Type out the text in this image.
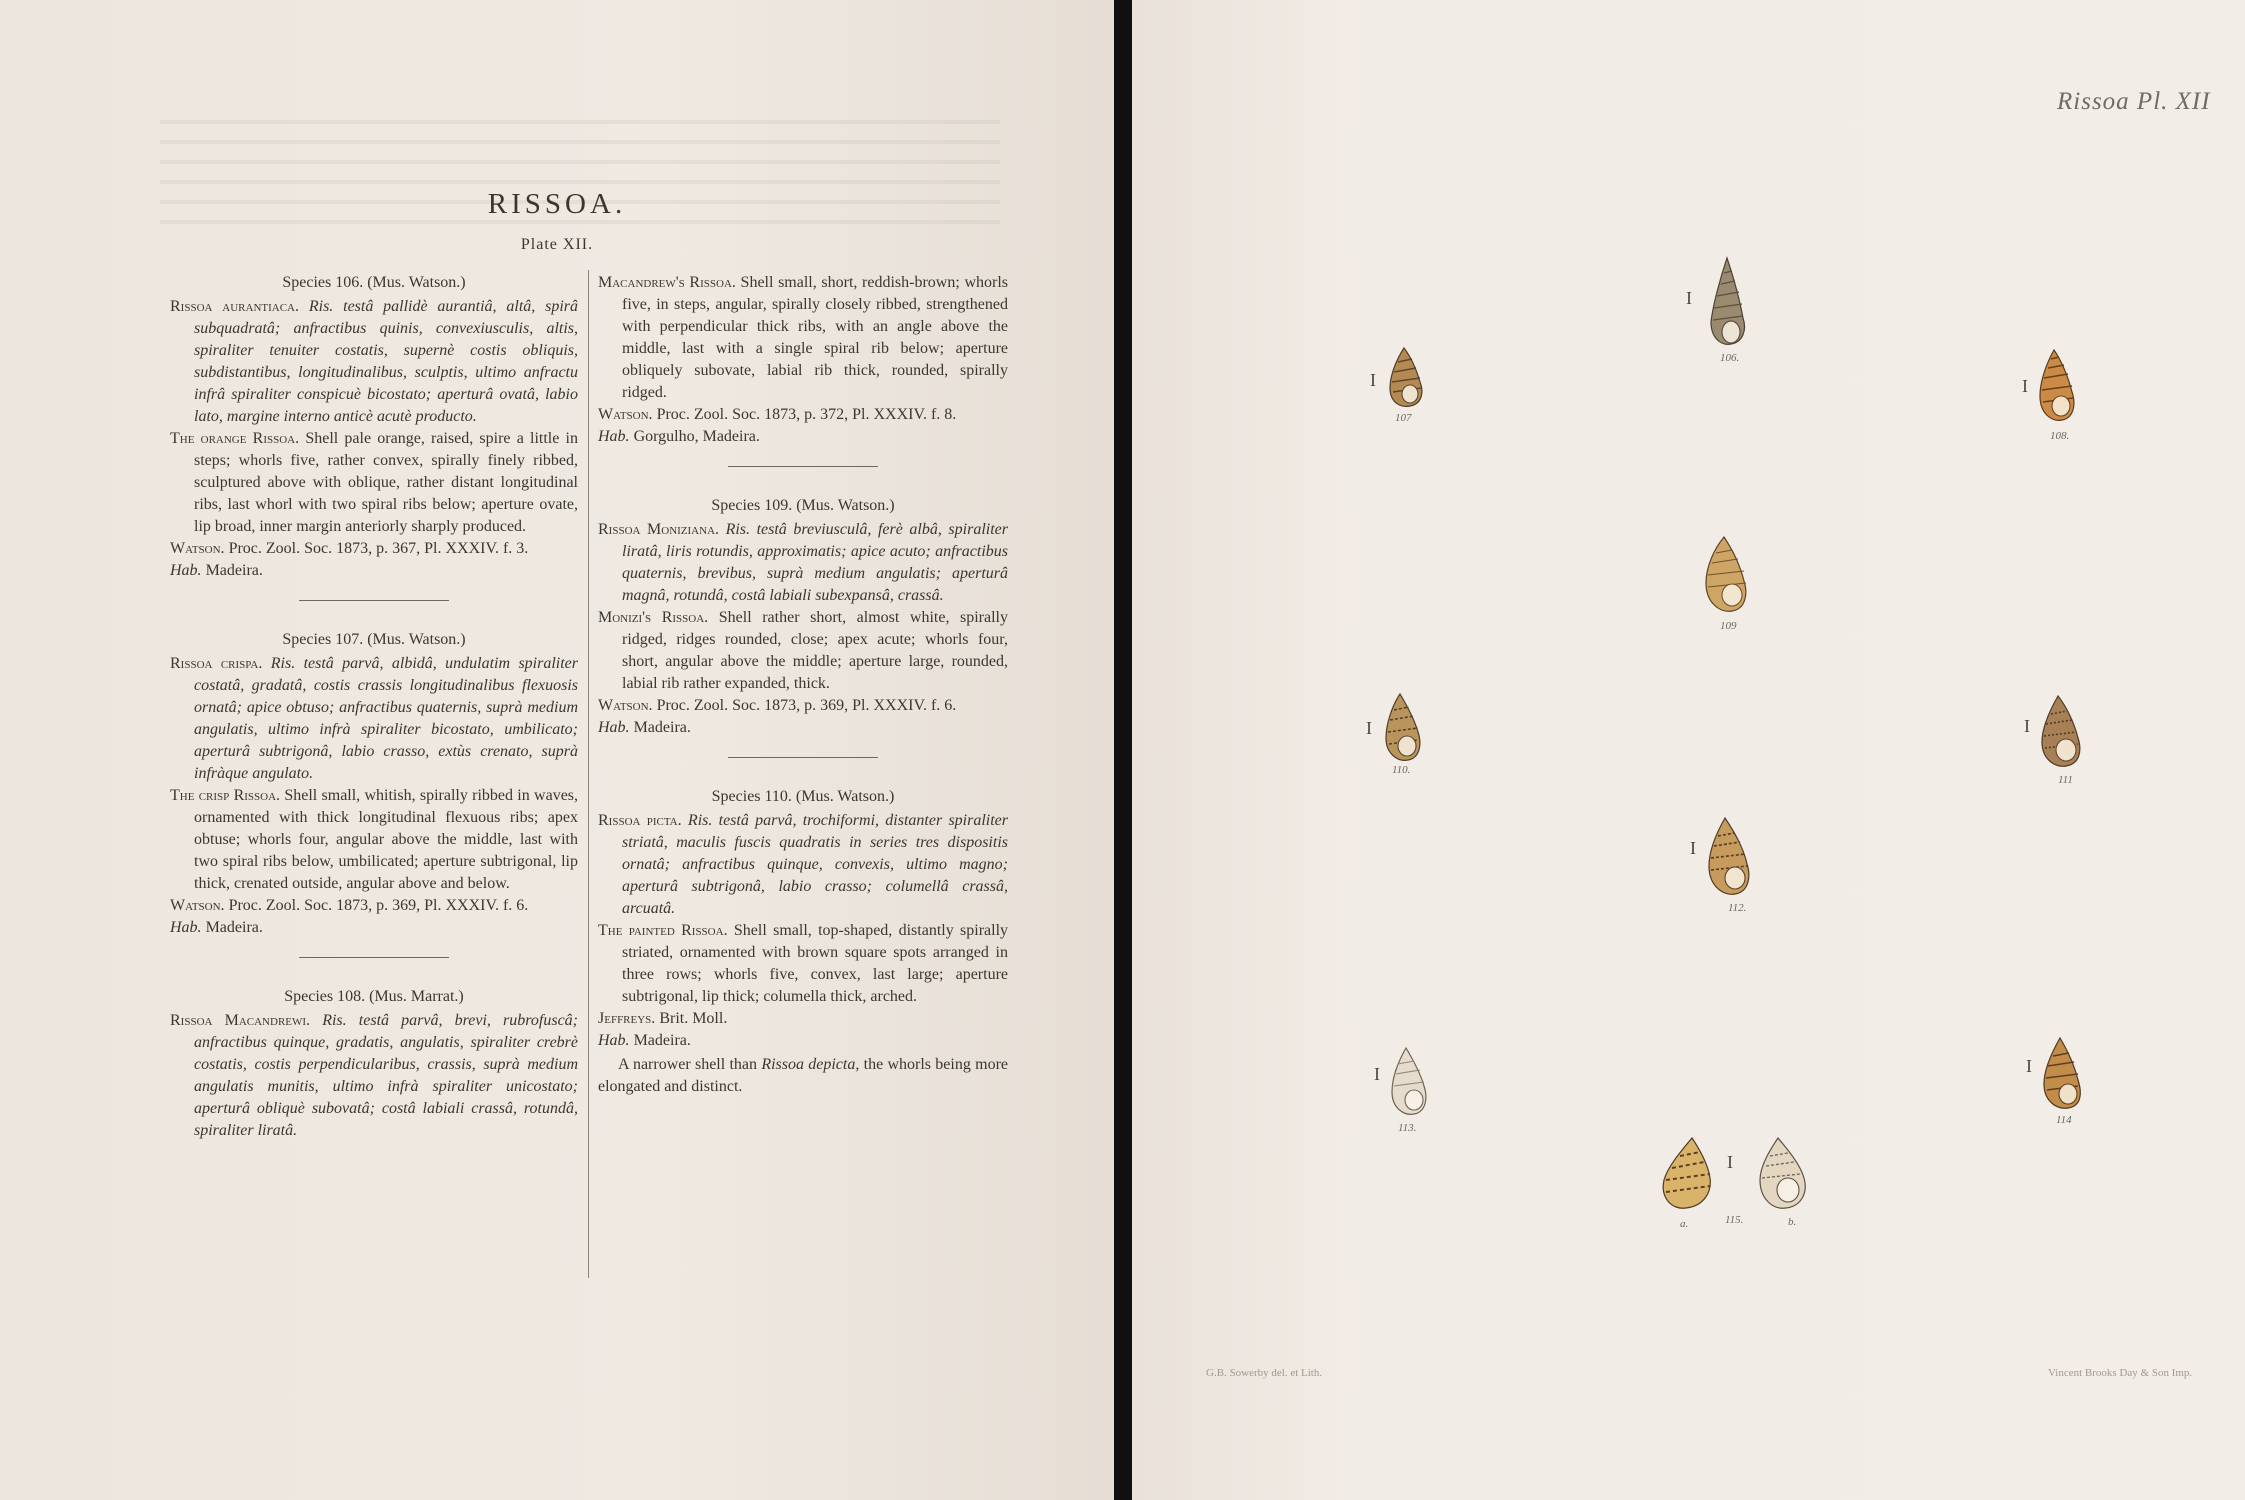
RISSOA.
Plate XII.

Species 106. (Mus. Watson.)

Rissoa aurantiaca. Ris. testâ pallidè aurantiâ, altâ, spirâ subquadratâ; anfractibus quinis, convexiusculis, altis, spiraliter tenuiter costatis, supernè costis obliquis, subdistantibus, longitudinalibus, sculptis, ultimo anfractu infrâ spiraliter conspicuè bicostato; aperturâ ovatâ, labio lato, margine interno anticè acutè producto.

The orange Rissoa. Shell pale orange, raised, spire a little in steps; whorls five, rather convex, spirally finely ribbed, sculptured above with oblique, rather distant longitudinal ribs, last whorl with two spiral ribs below; aperture ovate, lip broad, inner margin anteriorly sharply produced.

Watson. Proc. Zool. Soc. 1873, p. 367, Pl. XXXIV. f. 3.

Hab. Madeira.

Species 107. (Mus. Watson.)

Rissoa crispa. Ris. testâ parvâ, albidâ, undulatim spiraliter costatâ, gradatâ, costis crassis longitudinalibus flexuosis ornatâ; apice obtuso; anfractibus quaternis, suprà medium angulatis, ultimo infrà spiraliter bicostato, umbilicato; aperturâ subtrigonâ, labio crasso, extùs crenato, suprà infràque angulato.

The crisp Rissoa. Shell small, whitish, spirally ribbed in waves, ornamented with thick longitudinal flexuous ribs; apex obtuse; whorls four, angular above the middle, last with two spiral ribs below, umbilicated; aperture subtrigonal, lip thick, crenated outside, angular above and below.

Watson. Proc. Zool. Soc. 1873, p. 369, Pl. XXXIV. f. 6.

Hab. Madeira.

Species 108. (Mus. Marrat.)

Rissoa Macandrewi. Ris. testâ parvâ, brevi, rubrofuscâ; anfractibus quinque, gradatis, angulatis, spiraliter crebrè costatis, costis perpendicularibus, crassis, suprà medium angulatis munitis, ultimo infrà spiraliter unicostato; aperturâ obliquè subovatâ; costâ labiali crassâ, rotundâ, spiraliter liratâ.

Macandrew's Rissoa. Shell small, short, reddish-brown; whorls five, in steps, angular, spirally closely ribbed, strengthened with perpendicular thick ribs, with an angle above the middle, last with a single spiral rib below; aperture obliquely subovate, labial rib thick, rounded, spirally ridged.

Watson. Proc. Zool. Soc. 1873, p. 372, Pl. XXXIV. f. 8.

Hab. Gorgulho, Madeira.

Species 109. (Mus. Watson.)

Rissoa Moniziana. Ris. testâ breviusculâ, ferè albâ, spiraliter liratâ, liris rotundis, approximatis; apice acuto; anfractibus quaternis, brevibus, suprà medium angulatis; aperturâ magnâ, rotundâ, costâ labiali subexpansâ, crassâ.

Monizi's Rissoa. Shell rather short, almost white, spirally ridged, ridges rounded, close; apex acute; whorls four, short, angular above the middle; aperture large, rounded, labial rib rather expanded, thick.

Watson. Proc. Zool. Soc. 1873, p. 369, Pl. XXXIV. f. 6.

Hab. Madeira.

Species 110. (Mus. Watson.)

Rissoa picta. Ris. testâ parvâ, trochiformi, distanter spiraliter striatâ, maculis fuscis quadratis in series tres dispositis ornatâ; anfractibus quinque, convexis, ultimo magno; aperturâ subtrigonâ, labio crasso; columellâ crassâ, arcuatâ.

The painted Rissoa. Shell small, top-shaped, distantly spirally striated, ornamented with brown square spots arranged in three rows; whorls five, convex, last large; aperture subtrigonal, lip thick; columella thick, arched.

Jeffreys. Brit. Moll.

Hab. Madeira.

A narrower shell than Rissoa depicta, the whorls being more elongated and distinct.

Rissoa Pl. XII
I
I	I
I	I
I
I	I
I
106.
107
108.
109
110.
111
112.
113.
114
115.
a.	b.
G.B. Sowerby del. et Lith.	Vincent Brooks Day & Son Imp.
